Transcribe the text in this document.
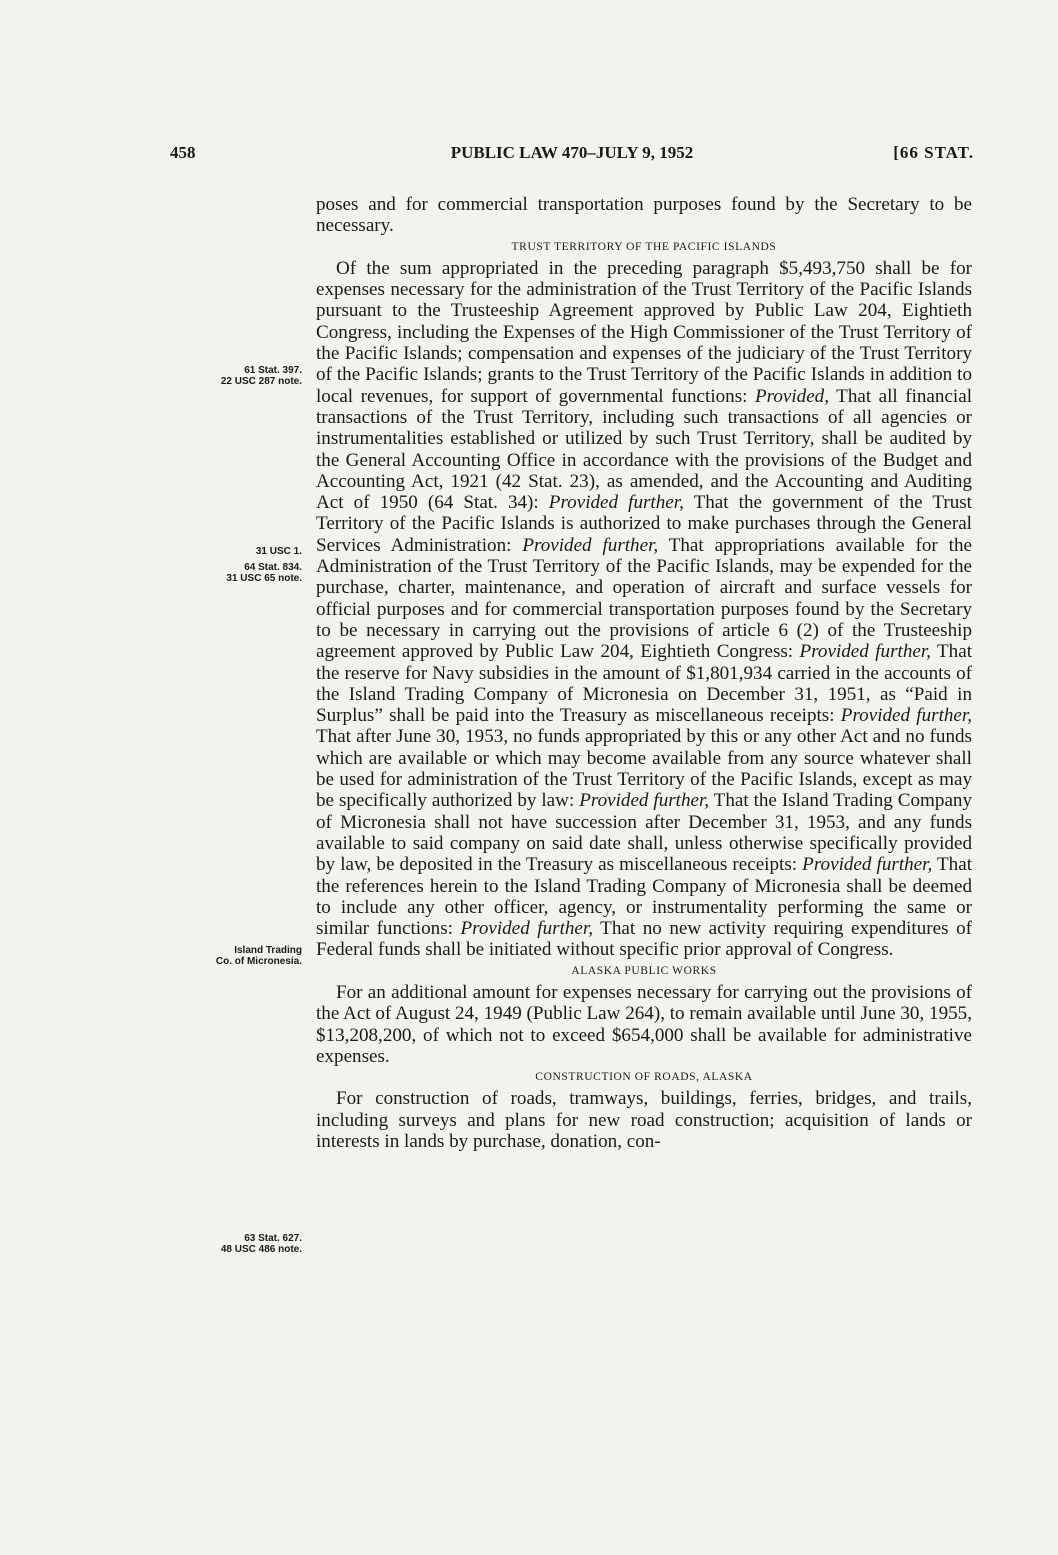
458	PUBLIC LAW 470–JULY 9, 1952	[66 STAT.

poses and for commercial transportation purposes found by the Secretary to be necessary.

TRUST TERRITORY OF THE PACIFIC ISLANDS

Of the sum appropriated in the preceding paragraph $5,493,750 shall be for expenses necessary for the administration of the Trust Territory of the Pacific Islands pursuant to the Trusteeship Agreement approved by Public Law 204, Eightieth Congress, including the Expenses of the High Commissioner of the Trust Territory of the Pacific Islands; compensation and expenses of the judiciary of the Trust Territory of the Pacific Islands; grants to the Trust Territory of the Pacific Islands in addition to local revenues, for support of governmental functions: Provided, That all financial transactions of the Trust Territory, including such transactions of all agencies or instrumentalities established or utilized by such Trust Territory, shall be audited by the General Accounting Office in accordance with the provisions of the Budget and Accounting Act, 1921 (42 Stat. 23), as amended, and the Accounting and Auditing Act of 1950 (64 Stat. 34): Provided further, That the government of the Trust Territory of the Pacific Islands is authorized to make purchases through the General Services Administration: Provided further, That appropriations available for the Administration of the Trust Territory of the Pacific Islands, may be expended for the purchase, charter, maintenance, and operation of aircraft and surface vessels for official purposes and for commercial transportation purposes found by the Secretary to be necessary in carrying out the provisions of article 6 (2) of the Trusteeship agreement approved by Public Law 204, Eightieth Congress: Provided further, That the reserve for Navy subsidies in the amount of $1,801,934 carried in the accounts of the Island Trading Company of Micronesia on December 31, 1951, as “Paid in Surplus” shall be paid into the Treasury as miscellaneous receipts: Provided further, That after June 30, 1953, no funds appropriated by this or any other Act and no funds which are available or which may become available from any source whatever shall be used for administration of the Trust Territory of the Pacific Islands, except as may be specifically authorized by law: Provided further, That the Island Trading Company of Micronesia shall not have succession after December 31, 1953, and any funds available to said company on said date shall, unless otherwise specifically provided by law, be deposited in the Treasury as miscellaneous receipts: Provided further, That the references herein to the Island Trading Company of Micronesia shall be deemed to include any other officer, agency, or instrumentality performing the same or similar functions: Provided further, That no new activity requiring expenditures of Federal funds shall be initiated without specific prior approval of Congress.

ALASKA PUBLIC WORKS

For an additional amount for expenses necessary for carrying out the provisions of the Act of August 24, 1949 (Public Law 264), to remain available until June 30, 1955, $13,208,200, of which not to exceed $654,000 shall be available for administrative expenses.

CONSTRUCTION OF ROADS, ALASKA

For construction of roads, tramways, buildings, ferries, bridges, and trails, including surveys and plans for new road construction; acquisition of lands or interests in lands by purchase, donation, con-

61 Stat. 397.
22 USC 287 note.
31 USC 1.
64 Stat. 834.
31 USC 65 note.
Island Trading
Co. of Micronesia.
63 Stat. 627.
48 USC 486 note.
